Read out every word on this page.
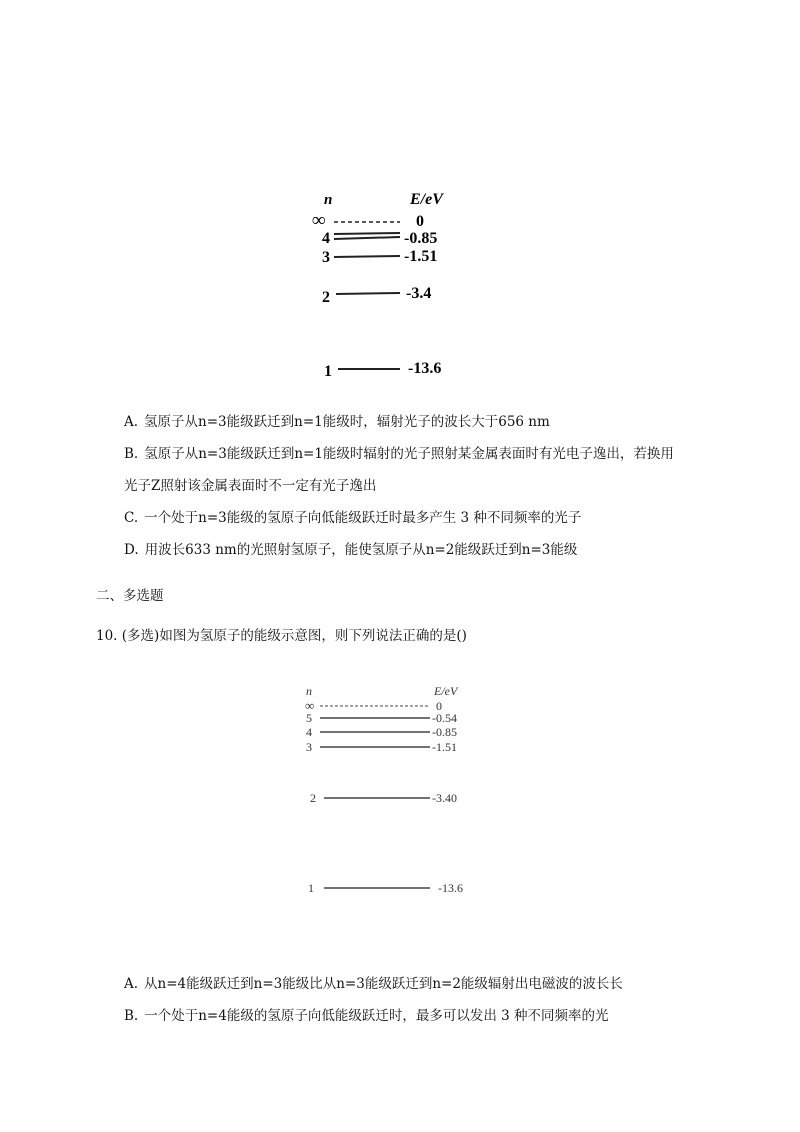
n	E/eV
∞	0
4	-0.85
3	-1.51
2	-3.4
1	-13.6
A. 氢原子从n=3能级跃迁到n=1能级时，辐射光子的波长大于656 nm
B. 氢原子从n=3能级跃迁到n=1能级时辐射的光子照射某金属表面时有光电子逸出，若换用
光子Z照射该金属表面时不一定有光子逸出
C. 一个处于n=3能级的氢原子向低能级跃迁时最多产生 3 种不同频率的光子
D. 用波长633 nm的光照射氢原子，能使氢原子从n=2能级跃迁到n=3能级
二、多选题
10. (多选)如图为氢原子的能级示意图，则下列说法正确的是()
n	E/eV
∞	0
5	-0.54
4	-0.85
3	-1.51
2	-3.40
1	-13.6
A. 从n=4能级跃迁到n=3能级比从n=3能级跃迁到n=2能级辐射出电磁波的波长长
B. 一个处于n=4能级的氢原子向低能级跃迁时，最多可以发出 3 种不同频率的光
